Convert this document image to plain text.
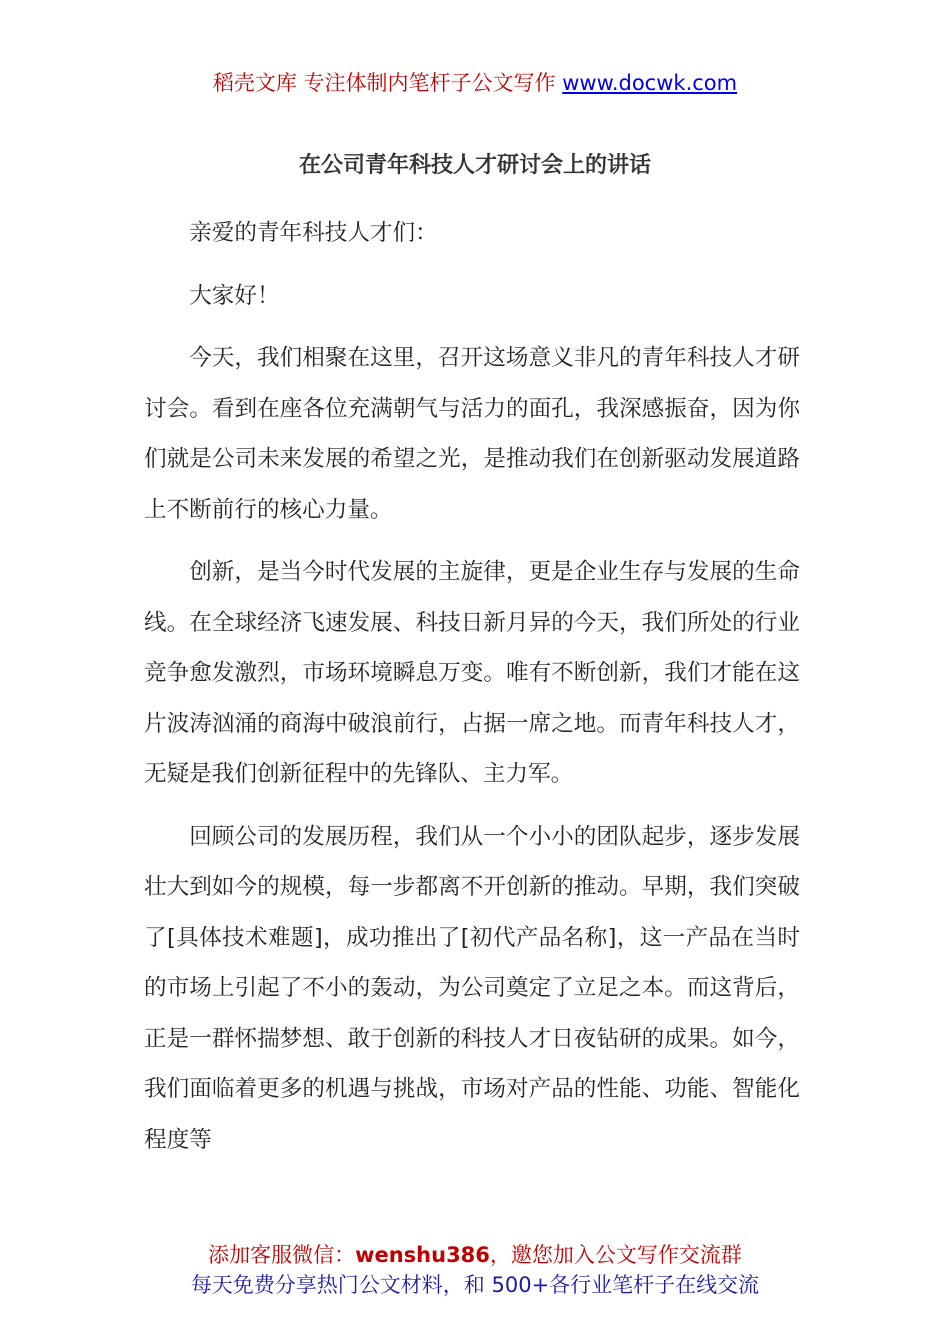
稻壳文库 专注体制内笔杆子公文写作 www.docwk.com
在公司青年科技人才研讨会上的讲话

亲爱的青年科技人才们：

大家好！

今天，我们相聚在这里，召开这场意义非凡的青年科技人才研讨会。看到在座各位充满朝气与活力的面孔，我深感振奋，因为你们就是公司未来发展的希望之光，是推动我们在创新驱动发展道路上不断前行的核心力量。

创新，是当今时代发展的主旋律，更是企业生存与发展的生命线。在全球经济飞速发展、科技日新月异的今天，我们所处的行业竞争愈发激烈，市场环境瞬息万变。唯有不断创新，我们才能在这片波涛汹涌的商海中破浪前行，占据一席之地。而青年科技人才，无疑是我们创新征程中的先锋队、主力军。

回顾公司的发展历程，我们从一个小小的团队起步，逐步发展壮大到如今的规模，每一步都离不开创新的推动。早期，我们突破了[具体技术难题]，成功推出了[初代产品名称]，这一产品在当时的市场上引起了不小的轰动，为公司奠定了立足之本。而这背后，正是一群怀揣梦想、敢于创新的科技人才日夜钻研的成果。如今，我们面临着更多的机遇与挑战，市场对产品的性能、功能、智能化程度等

添加客服微信：wenshu386，邀您加入公文写作交流群
每天免费分享热门公文材料，和 500+各行业笔杆子在线交流
